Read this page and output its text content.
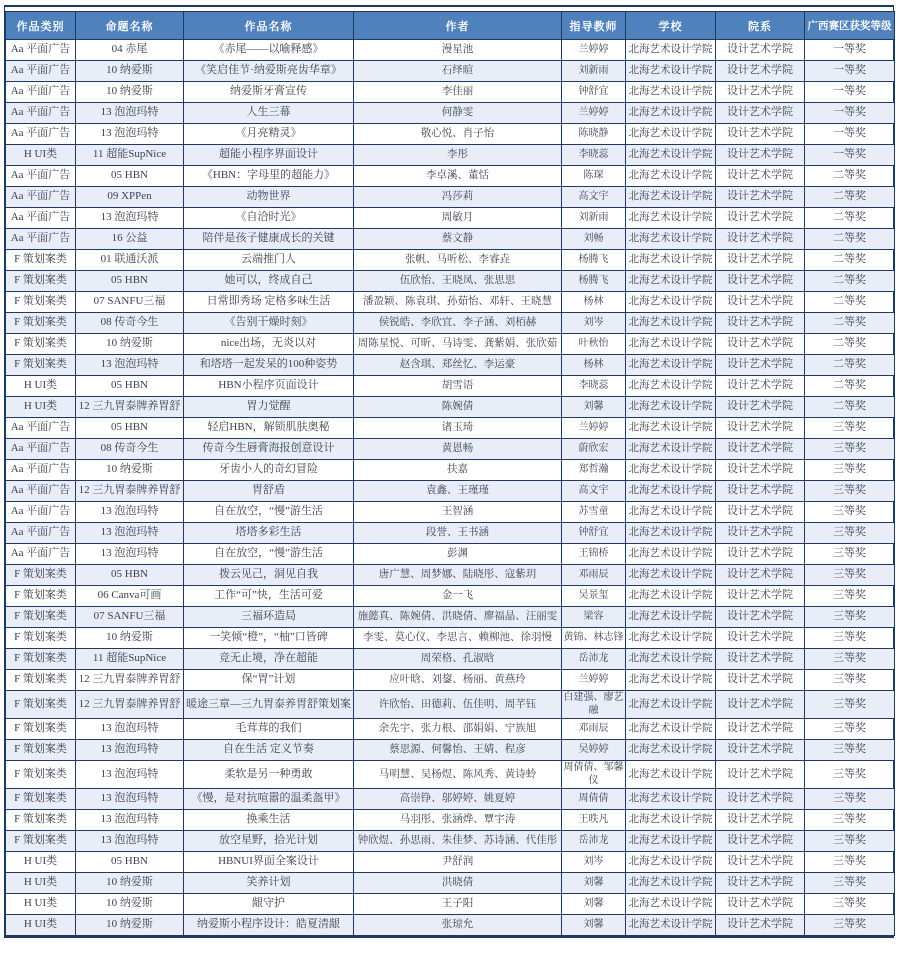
作品类别	命题名称	作品名称	作者	指导教师	学校	院系	广西赛区获奖等级
Aa 平面广告	04 赤尾	《赤尾——以喻释感》	漫星池	兰婷婷	北海艺术设计学院	设计艺术学院	一等奖
Aa 平面广告	10 纳爱斯	《笑启佳节·纳爱斯亮齿华章》	石绎暄	刘新雨	北海艺术设计学院	设计艺术学院	一等奖
Aa 平面广告	10 纳爱斯	纳爱斯牙膏宣传	李佳丽	钟舒宜	北海艺术设计学院	设计艺术学院	一等奖
Aa 平面广告	13 泡泡玛特	人生三幕	何静雯	兰婷婷	北海艺术设计学院	设计艺术学院	一等奖
Aa 平面广告	13 泡泡玛特	《月亮精灵》	敬心悦、肖子怡	陈晓静	北海艺术设计学院	设计艺术学院	一等奖
H UI类	11 超能SupNice	超能小程序界面设计	李彤	李晓蕊	北海艺术设计学院	设计艺术学院	一等奖
Aa 平面广告	05 HBN	《HBN：字母里的超能力》	李卓溪、董恬	陈琛	北海艺术设计学院	设计艺术学院	二等奖
Aa 平面广告	09 XPPen	动物世界	冯莎莉	高文宇	北海艺术设计学院	设计艺术学院	二等奖
Aa 平面广告	13 泡泡玛特	《自洽时光》	周敏月	刘新雨	北海艺术设计学院	设计艺术学院	二等奖
Aa 平面广告	16 公益	陪伴是孩子健康成长的关键	蔡文静	刘畅	北海艺术设计学院	设计艺术学院	二等奖
F 策划案类	01 联通沃派	云端推门人	张帆、马听松、李睿垚	杨腾飞	北海艺术设计学院	设计艺术学院	二等奖
F 策划案类	05 HBN	她可以，终成自己	伍欣怡、王晓凤、张思思	杨腾飞	北海艺术设计学院	设计艺术学院	二等奖
F 策划案类	07 SANFU三福	日常即秀场 定格多味生活	潘盈颖、陈袁琪、孙茹怡、邓轩、王晓慧	杨林	北海艺术设计学院	设计艺术学院	二等奖
F 策划案类	08 传奇今生	《告别干燥时刻》	侯锐皓、李欣宜、李子涵、刘栢赫	刘岑	北海艺术设计学院	设计艺术学院	二等奖
F 策划案类	10 纳爱斯	nice出场，无炎以对	周陈星悦、可昕、马诗雯、龚紫娟、张欣茹	叶秋怡	北海艺术设计学院	设计艺术学院	二等奖
F 策划案类	13 泡泡玛特	和塔塔一起发呆的100种姿势	赵含琪、郑丝忆、李运豪	杨林	北海艺术设计学院	设计艺术学院	二等奖
H UI类	05 HBN	HBN小程序页面设计	胡雪语	李晓蕊	北海艺术设计学院	设计艺术学院	二等奖
H UI类	12 三九胃泰牌养胃舒	胃力觉醒	陈婉倩	刘馨	北海艺术设计学院	设计艺术学院	二等奖
Aa 平面广告	05 HBN	轻启HBN，解锁肌肤奥秘	诸玉琦	兰婷婷	北海艺术设计学院	设计艺术学院	三等奖
Aa 平面广告	08 传奇今生	传奇今生唇膏海报创意设计	黄恩畅	蔚欣宏	北海艺术设计学院	设计艺术学院	三等奖
Aa 平面广告	10 纳爱斯	牙齿小人的奇幻冒险	扶嘉	郑哲瀚	北海艺术设计学院	设计艺术学院	三等奖
Aa 平面广告	12 三九胃泰牌养胃舒	胃舒盾	袁鑫、王瑾瑾	高文宇	北海艺术设计学院	设计艺术学院	三等奖
Aa 平面广告	13 泡泡玛特	自在放空，“慢”游生活	王智涵	苏雪童	北海艺术设计学院	设计艺术学院	三等奖
Aa 平面广告	13 泡泡玛特	塔塔多彩生活	段誉、王书涵	钟舒宜	北海艺术设计学院	设计艺术学院	三等奖
Aa 平面广告	13 泡泡玛特	自在放空，“慢”游生活	彭渊	王锦桥	北海艺术设计学院	设计艺术学院	三等奖
F 策划案类	05 HBN	拨云见己，洞见自我	唐广慧、周梦娜、陆晓彤、寇紫玥	邓雨辰	北海艺术设计学院	设计艺术学院	三等奖
F 策划案类	06 Canva可画	工作“可”快，生活可爱	金一飞	吴景玺	北海艺术设计学院	设计艺术学院	三等奖
F 策划案类	07 SANFU三福	三福环造局	施懿真、陈婉倩、洪晓倩、廖福晶、汪丽雯	梁容	北海艺术设计学院	设计艺术学院	三等奖
F 策划案类	10 纳爱斯	一笑倾“橙”，“柚”口皆碑	李雯、莫心仪、李思言、赖柳池、徐羽慢	黄锦、林志锋	北海艺术设计学院	设计艺术学院	三等奖
F 策划案类	11 超能SupNice	竞无止境，净在超能	周荣格、孔淑晗	岳沛龙	北海艺术设计学院	设计艺术学院	三等奖
F 策划案类	12 三九胃泰牌养胃舒	保“胃”计划	应叶晗、刘鋆、杨丽、黄燕玲	兰婷婷	北海艺术设计学院	设计艺术学院	三等奖
F 策划案类	12 三九胃泰牌养胃舒	暖途三章—三九胃泰养胃舒策划案	许欣怡、田德莉、伍佳明、周芊钰	白建强、廖艺融	北海艺术设计学院	设计艺术学院	三等奖
F 策划案类	13 泡泡玛特	毛茸茸的我们	余先宇、张力根、邵娟娟、宁族旭	邓雨辰	北海艺术设计学院	设计艺术学院	三等奖
F 策划案类	13 泡泡玛特	自在生活 定义节奏	蔡思源、何馨怡、王婧、程彦	吴婷婷	北海艺术设计学院	设计艺术学院	三等奖
F 策划案类	13 泡泡玛特	柔软是另一种勇敢	马明慧、吴杨煜、陈风秀、黄诗蛉	周倩倩、邹馨仪	北海艺术设计学院	设计艺术学院	三等奖
F 策划案类	13 泡泡玛特	《慢，是对抗喧嚣的温柔盔甲》	高崇铮、邬婷婷、姚夏婷	周倩倩	北海艺术设计学院	设计艺术学院	三等奖
F 策划案类	13 泡泡玛特	换乘生活	马羽彤、张涵烨、覃宇涛	王昳凡	北海艺术设计学院	设计艺术学院	三等奖
F 策划案类	13 泡泡玛特	放空星野，拾光计划	钟欣煜、孙思雨、朱佳梦、苏诗涵、代佳彤	岳沛龙	北海艺术设计学院	设计艺术学院	三等奖
H UI类	05 HBN	HBNUI界面全案设计	尹舒润	刘岑	北海艺术设计学院	设计艺术学院	三等奖
H UI类	10 纳爱斯	笑养计划	洪晓倩	刘馨	北海艺术设计学院	设计艺术学院	三等奖
H UI类	10 纳爱斯	龈守护	王子阳	刘馨	北海艺术设计学院	设计艺术学院	三等奖
H UI类	10 纳爱斯	纳爱斯小程序设计：皓夏清龈	张琼允	刘馨	北海艺术设计学院	设计艺术学院	三等奖
